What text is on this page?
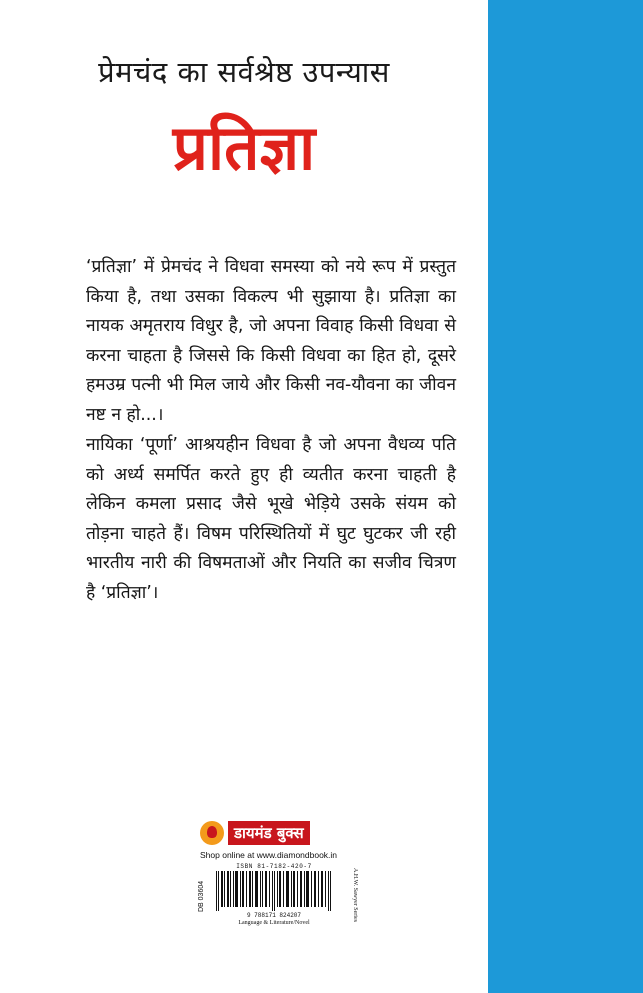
प्रेमचंद का सर्वश्रेष्ठ उपन्यास
प्रतिज्ञा
‘प्रतिज्ञा’ में प्रेमचंद ने विधवा समस्या को नये रूप में प्रस्तुत किया है, तथा उसका विकल्प भी सुझाया है। प्रतिज्ञा का नायक अमृतराय विधुर है, जो अपना विवाह किसी विधवा से करना चाहता है जिससे कि किसी विधवा का हित हो, दूसरे हमउम्र पत्नी भी मिल जाये और किसी नव-यौवना का जीवन नष्ट न हो...।
नायिका ‘पूर्णा’ आश्रयहीन विधवा है जो अपना वैधव्य पति को अर्ध्य समर्पित करते हुए ही व्यतीत करना चाहती है लेकिन कमला प्रसाद जैसे भूखे भेड़िये उसके संयम को तोड़ना चाहते हैं। विषम परिस्थितियों में घुट घुटकर जी रही भारतीय नारी की विषमताओं और नियति का सजीव चित्रण है ‘प्रतिज्ञा’।
डायमंड बुक्स
Shop online at www.diamondbook.in
DB 03604
ISBN 81-7182-420-7
9 788171 824207
Language & Literature/Novel
A.H.W. Sawyer Series
